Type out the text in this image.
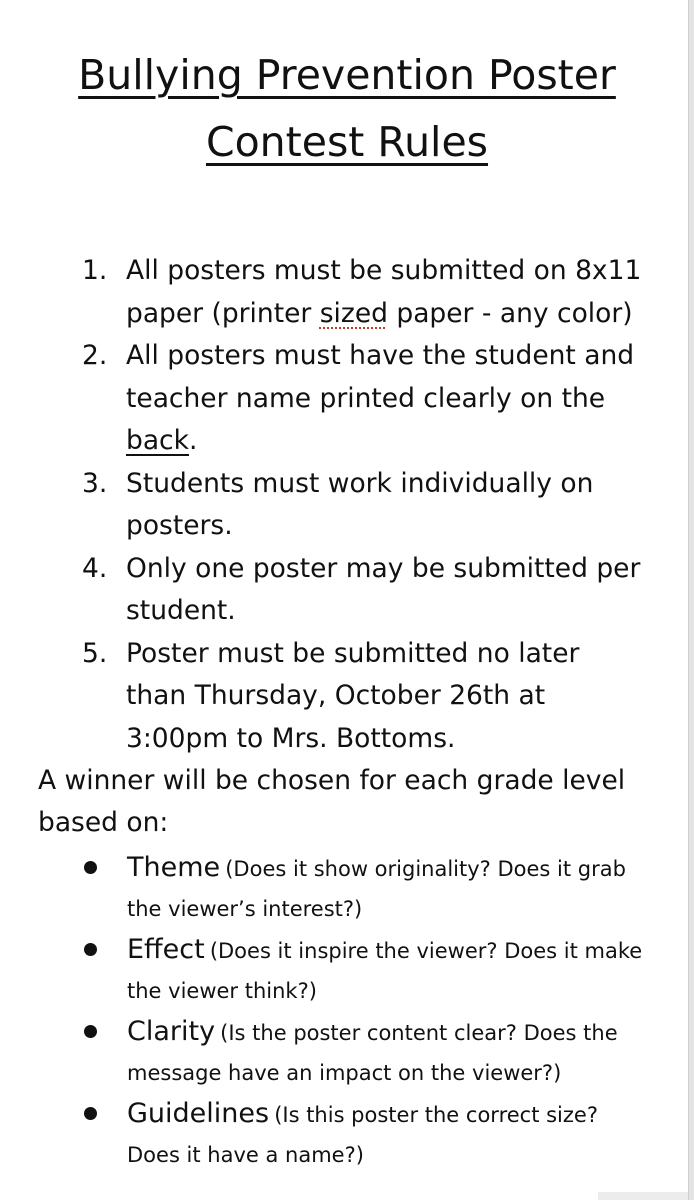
Bullying Prevention Poster
Contest Rules
1. All posters must be submitted on 8x11 paper (printer sized paper - any color)
2. All posters must have the student and teacher name printed clearly on the back.
3. Students must work individually on posters.
4. Only one poster may be submitted per student.
5. Poster must be submitted no later than Thursday, October 26th at 3:00pm to Mrs. Bottoms.
A winner will be chosen for each grade level based on:
Theme (Does it show originality? Does it grab the viewer’s interest?)
Effect (Does it inspire the viewer? Does it make the viewer think?)
Clarity (Is the poster content clear? Does the message have an impact on the viewer?)
Guidelines (Is this poster the correct size? Does it have a name?)
